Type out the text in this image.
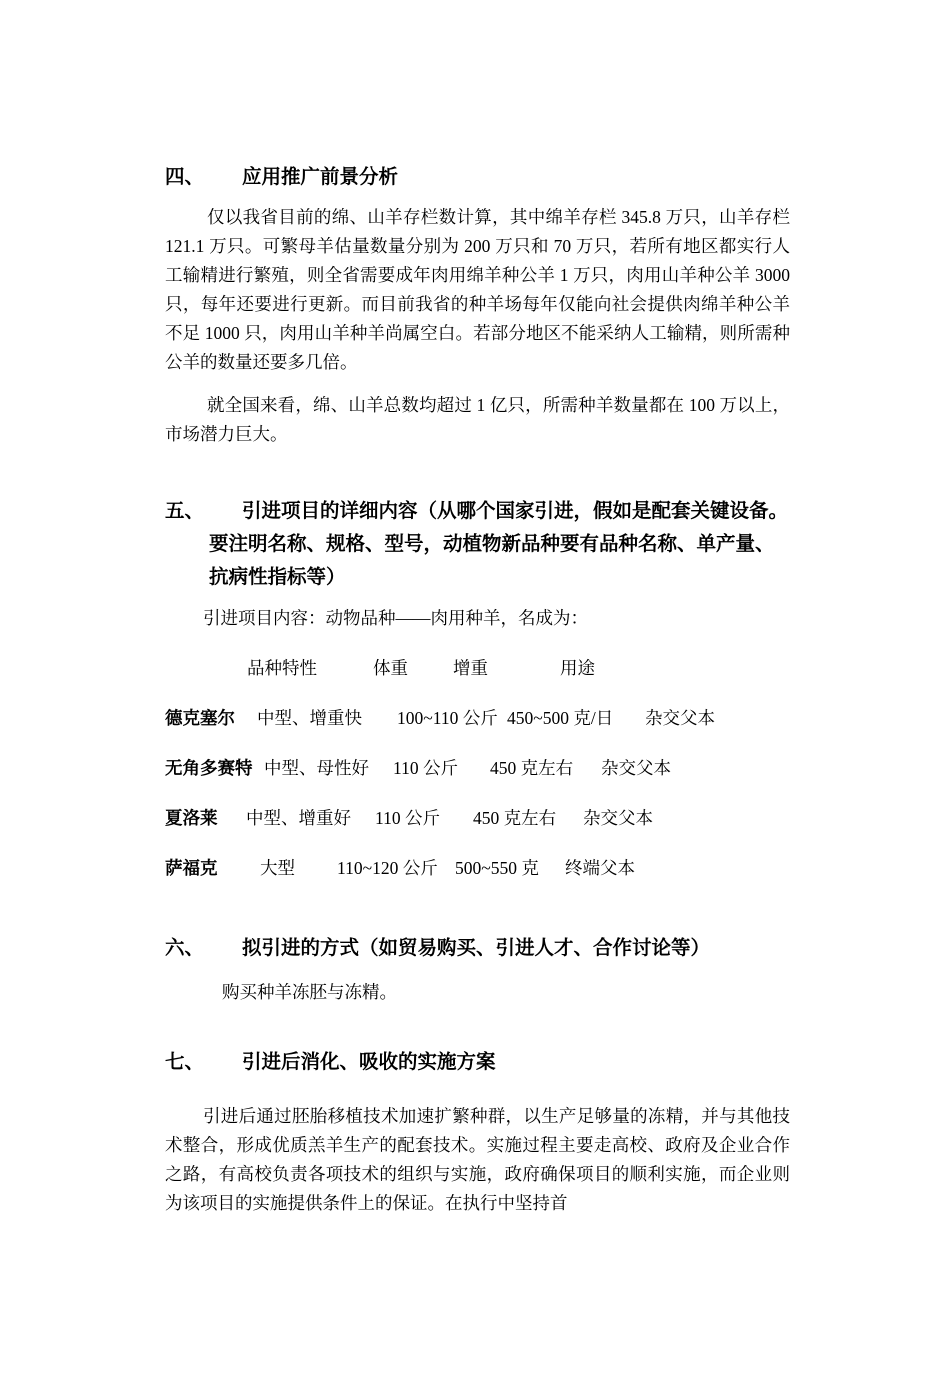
四、	应用推广前景分析

仅以我省目前的绵、山羊存栏数计算，其中绵羊存栏 345.8 万只，山羊存栏 121.1 万只。可繁母羊估量数量分别为 200 万只和 70 万只，若所有地区都实行人工输精进行繁殖，则全省需要成年肉用绵羊种公羊 1 万只，肉用山羊种公羊 3000 只，每年还要进行更新。而目前我省的种羊场每年仅能向社会提供肉绵羊种公羊不足 1000 只，肉用山羊种羊尚属空白。若部分地区不能采纳人工输精，则所需种公羊的数量还要多几倍。

就全国来看，绵、山羊总数均超过 1 亿只，所需种羊数量都在 100 万以上，市场潜力巨大。

五、	引进项目的详细内容（从哪个国家引进，假如是配套关键设备。要注明名称、规格、型号，动植物新品种要有品种名称、单产量、抗病性指标等）
引进项目内容：动物品种——肉用种羊，名成为：
品种特性	体重	增重	用途
德克塞尔 中型、增重快 100~110 公斤 450~500 克/日 杂交父本
无角多赛特 中型、母性好 110 公斤 450 克左右 杂交父本
夏洛莱 中型、增重好 110 公斤 450 克左右 杂交父本
萨福克 大型 110~120 公斤 500~550 克 终端父本
六、	拟引进的方式（如贸易购买、引进人才、合作讨论等）
购买种羊冻胚与冻精。
七、	引进后消化、吸收的实施方案

引进后通过胚胎移植技术加速扩繁种群，以生产足够量的冻精，并与其他技术整合，形成优质羔羊生产的配套技术。实施过程主要走高校、政府及企业合作之路，有高校负责各项技术的组织与实施，政府确保项目的顺利实施，而企业则为该项目的实施提供条件上的保证。在执行中坚持首
